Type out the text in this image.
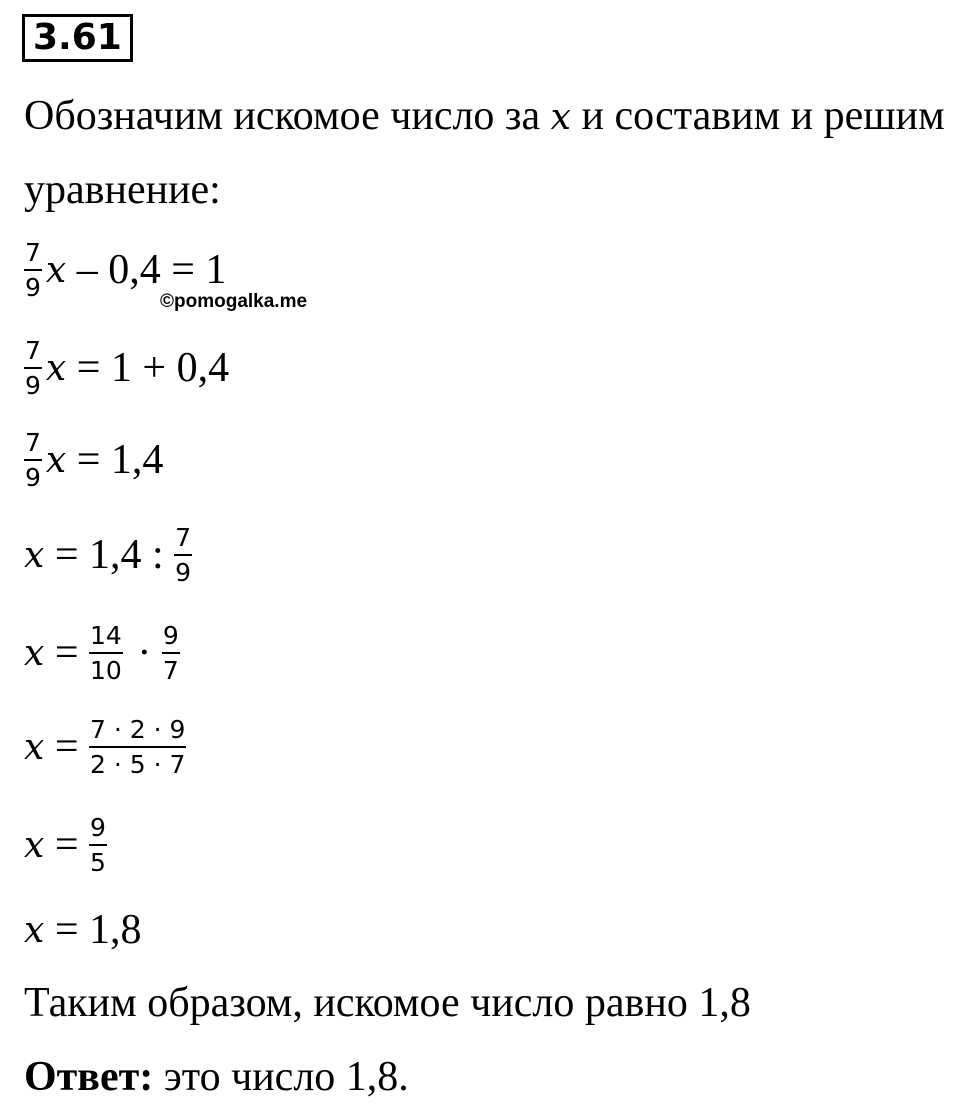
3.61
Обозначим искомое число за x и составим и решим
уравнение:
$\frac{7}{9}$ x – 0,4 = 1
©pomogalka.me
$\frac{7}{9}$ x = 1 + 0,4
$\frac{7}{9}$ x = 1,4
x = 1,4 : $\frac{7}{9}$
$x = \frac{14}{10} \cdot \frac{9}{7}$
$x = \frac{7 \cdot 2 \cdot 9}{2 \cdot 5 \cdot 7}$
$x = \frac{9}{5}$
x = 1,8
Таким образом, искомое число равно 1,8
Ответ: это число 1,8.
